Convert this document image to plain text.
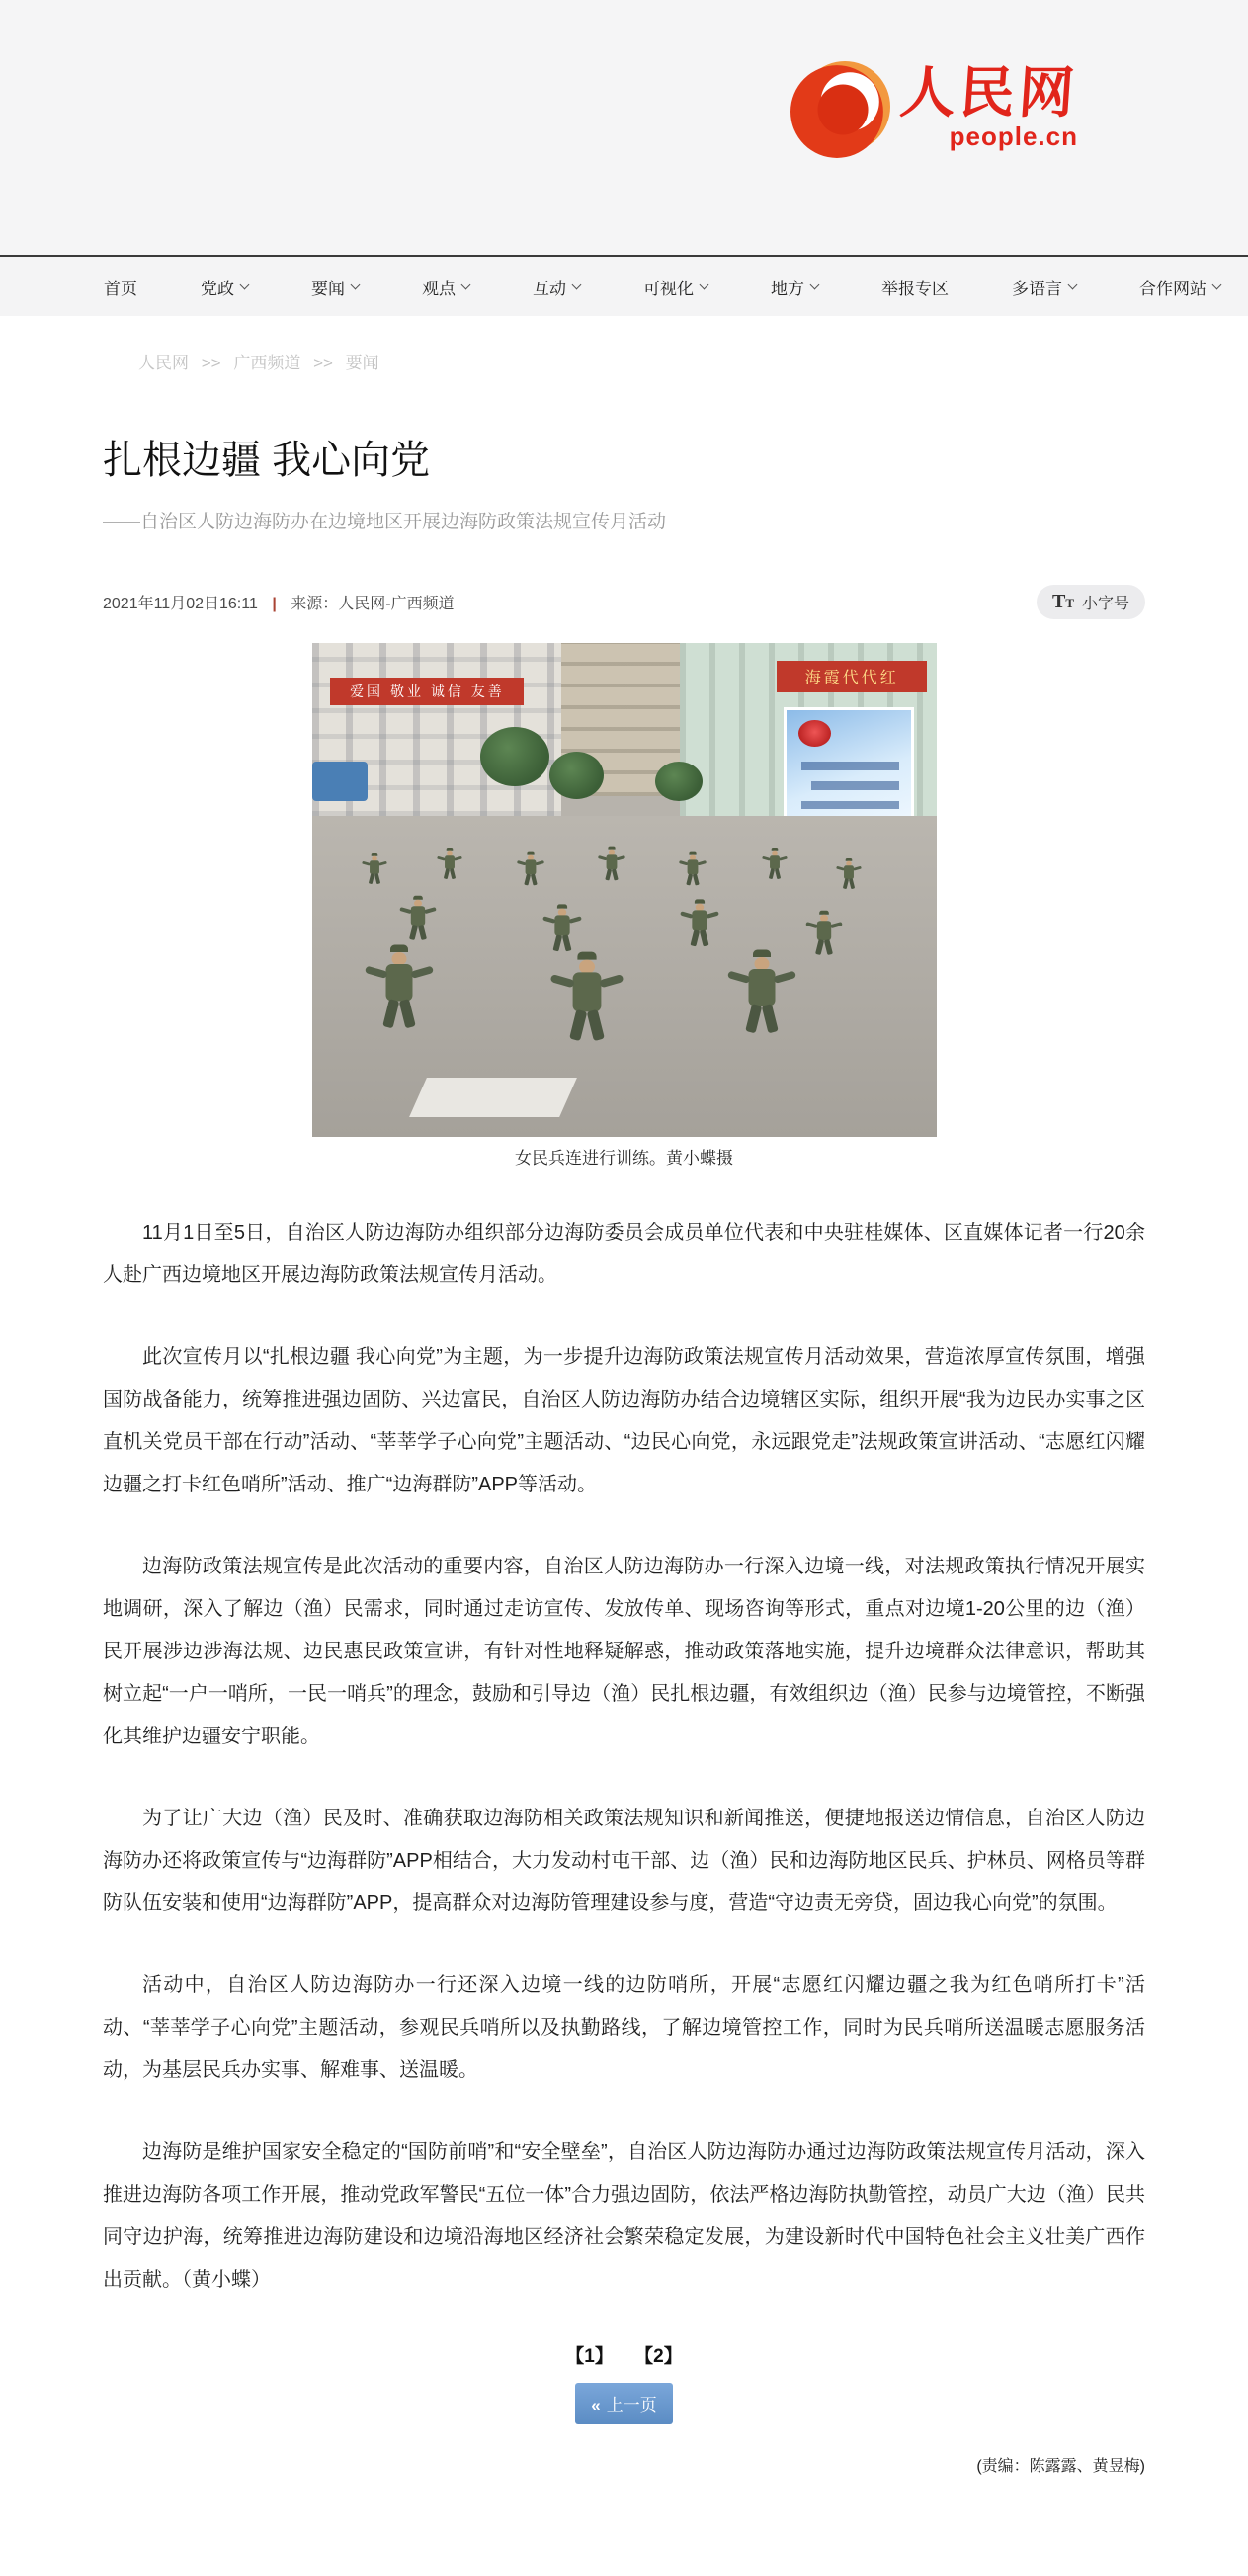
人民网
people.cn
首页	党政	要闻	观点	互动	可视化	地方	举报专区	多语言	合作网站
人民网 >> 广西频道 >> 要闻
扎根边疆 我心向党
——自治区人防边海防办在边境地区开展边海防政策法规宣传月活动
2021年11月02日16:11 | 来源：人民网-广西频道	TT 小字号
爱国 敬业 诚信 友善
海霞代代红
女民兵连进行训练。黄小蝶摄

11月1日至5日，自治区人防边海防办组织部分边海防委员会成员单位代表和中央驻桂媒体、区直媒体记者一行20余人赴广西边境地区开展边海防政策法规宣传月活动。

此次宣传月以“扎根边疆 我心向党”为主题，为一步提升边海防政策法规宣传月活动效果，营造浓厚宣传氛围，增强国防战备能力，统筹推进强边固防、兴边富民，自治区人防边海防办结合边境辖区实际，组织开展“我为边民办实事之区直机关党员干部在行动”活动、“莘莘学子心向党”主题活动、“边民心向党，永远跟党走”法规政策宣讲活动、“志愿红闪耀边疆之打卡红色哨所”活动、推广“边海群防”APP等活动。

边海防政策法规宣传是此次活动的重要内容，自治区人防边海防办一行深入边境一线，对法规政策执行情况开展实地调研，深入了解边（渔）民需求，同时通过走访宣传、发放传单、现场咨询等形式，重点对边境1-20公里的边（渔）民开展涉边涉海法规、边民惠民政策宣讲，有针对性地释疑解惑，推动政策落地实施，提升边境群众法律意识，帮助其树立起“一户一哨所，一民一哨兵”的理念，鼓励和引导边（渔）民扎根边疆，有效组织边（渔）民参与边境管控，不断强化其维护边疆安宁职能。

为了让广大边（渔）民及时、准确获取边海防相关政策法规知识和新闻推送，便捷地报送边情信息，自治区人防边海防办还将政策宣传与“边海群防”APP相结合，大力发动村屯干部、边（渔）民和边海防地区民兵、护林员、网格员等群防队伍安装和使用“边海群防”APP，提高群众对边海防管理建设参与度，营造“守边责无旁贷，固边我心向党”的氛围。

活动中，自治区人防边海防办一行还深入边境一线的边防哨所，开展“志愿红闪耀边疆之我为红色哨所打卡”活动、“莘莘学子心向党”主题活动，参观民兵哨所以及执勤路线，了解边境管控工作，同时为民兵哨所送温暖志愿服务活动，为基层民兵办实事、解难事、送温暖。

边海防是维护国家安全稳定的“国防前哨”和“安全壁垒”，自治区人防边海防办通过边海防政策法规宣传月活动，深入推进边海防各项工作开展，推动党政军警民“五位一体”合力强边固防，依法严格边海防执勤管控，动员广大边（渔）民共同守边护海，统筹推进边海防建设和边境沿海地区经济社会繁荣稳定发展，为建设新时代中国特色社会主义壮美广西作出贡献。（黄小蝶）

【1】 【2】
« 上一页
(责编：陈露露、黄昱梅)
